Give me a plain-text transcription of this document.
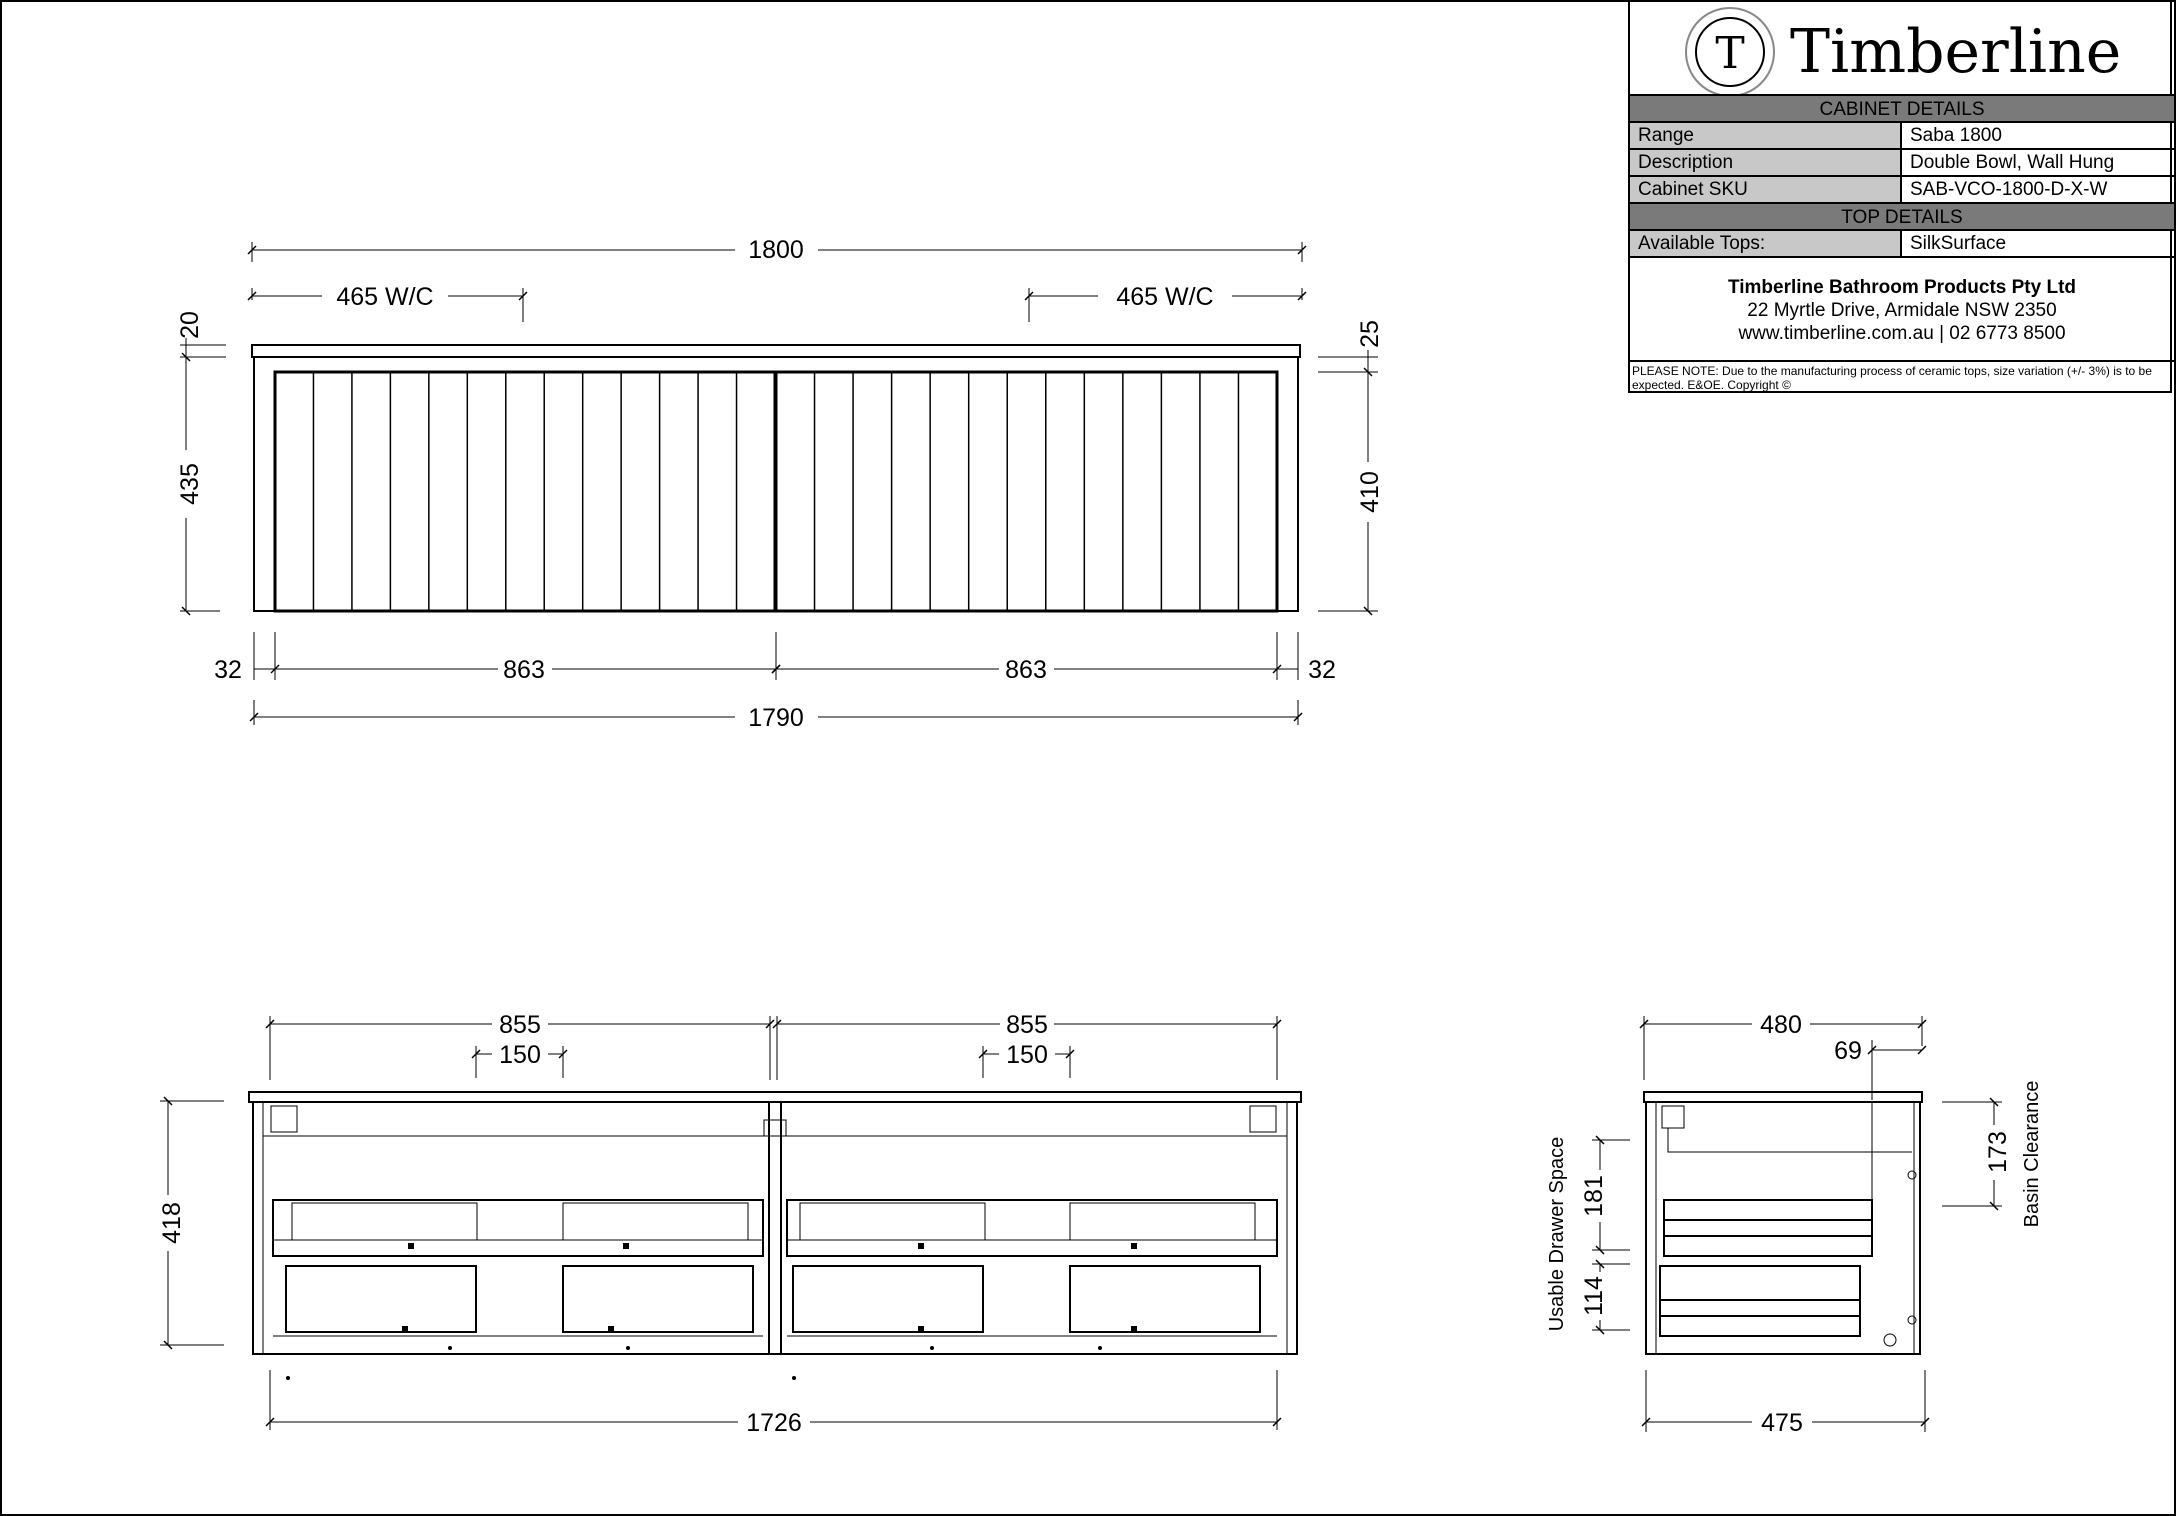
1800
465 W/C	465 W/C
20
435
25
410
32	863	863	32
1790
855	855
150	150
418
1726
480
69
173 Basin Clearance
181
114
Usable Drawer Space
475
T Timberline
CABINET DETAILS
Range	Saba 1800
Description	Double Bowl, Wall Hung
Cabinet SKU	SAB-VCO-1800-D-X-W
TOP DETAILS
Available Tops:	SilkSurface
Timberline Bathroom Products Pty Ltd
22 Myrtle Drive, Armidale NSW 2350
www.timberline.com.au | 02 6773 8500
PLEASE NOTE: Due to the manufacturing process of ceramic tops, size variation (+/- 3%) is to be expected. E&OE. Copyright ©
